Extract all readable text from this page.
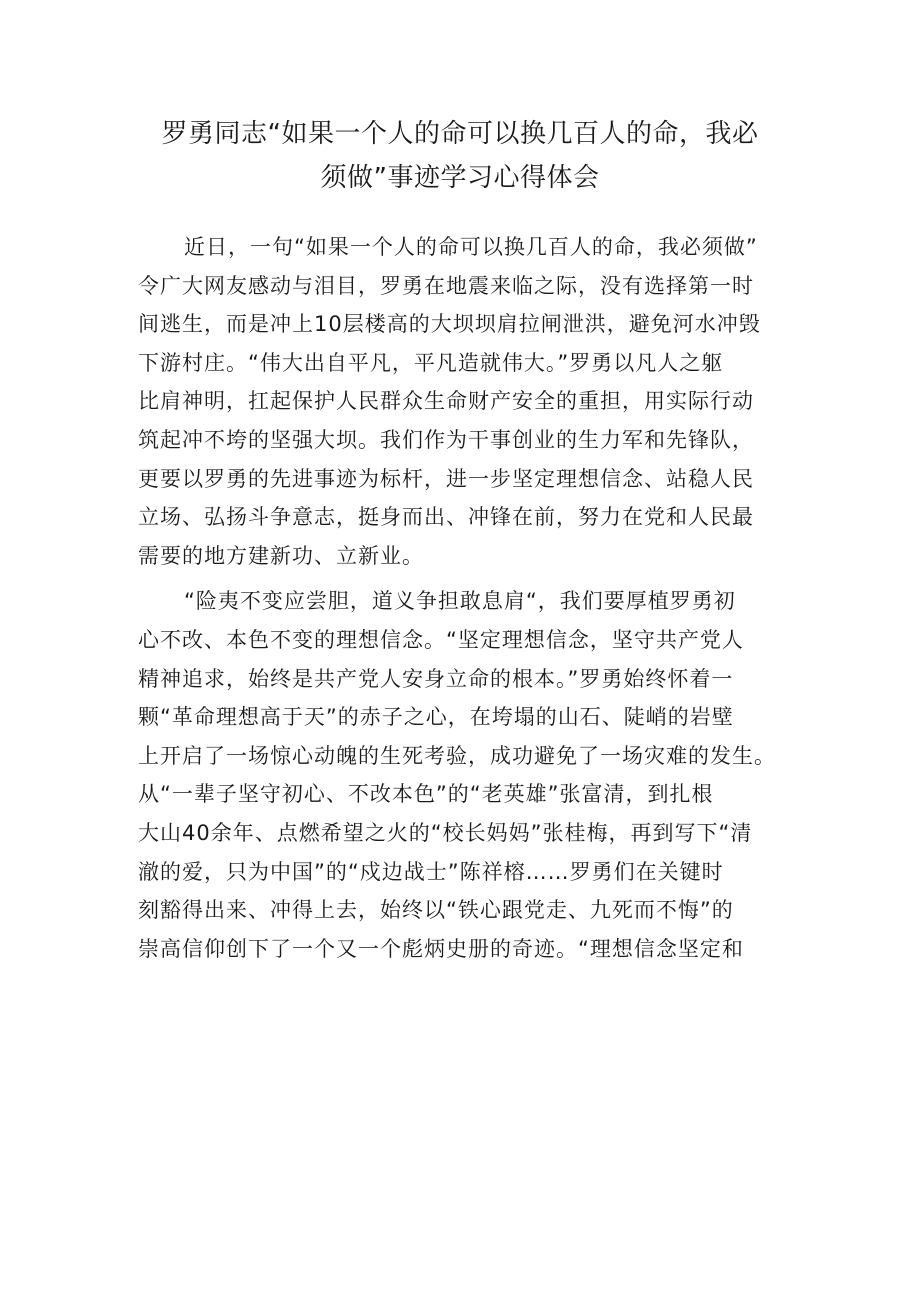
罗勇同志“如果一个人的命可以换几百人的命，我必
须做”事迹学习心得体会
近日，一句“如果一个人的命可以换几百人的命，我必须做”
令广大网友感动与泪目，罗勇在地震来临之际，没有选择第一时
间逃生，而是冲上10层楼高的大坝坝肩拉闸泄洪，避免河水冲毁
下游村庄。“伟大出自平凡，平凡造就伟大。”罗勇以凡人之躯
比肩神明，扛起保护人民群众生命财产安全的重担，用实际行动
筑起冲不垮的坚强大坝。我们作为干事创业的生力军和先锋队，
更要以罗勇的先进事迹为标杆，进一步坚定理想信念、站稳人民
立场、弘扬斗争意志，挺身而出、冲锋在前，努力在党和人民最
需要的地方建新功、立新业。
“险夷不变应尝胆，道义争担敢息肩“，我们要厚植罗勇初
心不改、本色不变的理想信念。“坚定理想信念，坚守共产党人
精神追求，始终是共产党人安身立命的根本。”罗勇始终怀着一
颗“革命理想高于天”的赤子之心，在垮塌的山石、陡峭的岩壁
上开启了一场惊心动魄的生死考验，成功避免了一场灾难的发生。
从“一辈子坚守初心、不改本色”的“老英雄”张富清，到扎根
大山40余年、点燃希望之火的“校长妈妈”张桂梅，再到写下“清
澈的爱，只为中国”的“戍边战士”陈祥榕……罗勇们在关键时
刻豁得出来、冲得上去，始终以“铁心跟党走、九死而不悔”的
崇高信仰创下了一个又一个彪炳史册的奇迹。“理想信念坚定和
